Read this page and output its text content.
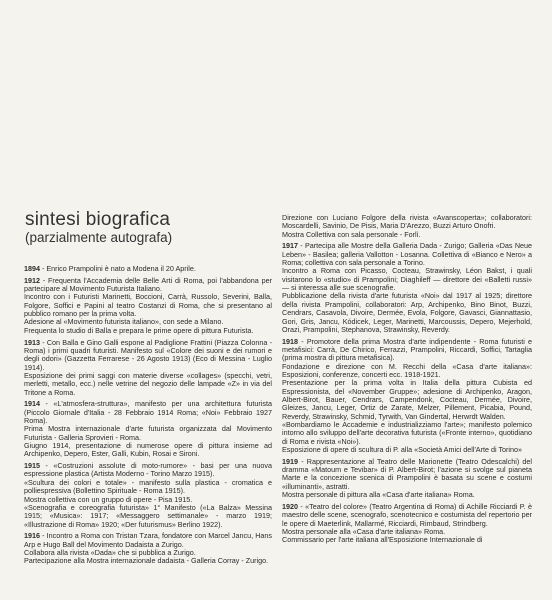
sintesi biografica
(parzialmente autografa)

1894 - Enrico Prampolini è nato a Modena il 20 Aprile.

1912 - Frequenta l'Accademia delle Belle Arti di Roma, poi l'abbandona per partecipare al Movimento Futurista Italiano.

Incontro con i Futuristi Marinetti, Boccioni, Carrà, Russolo, Severini, Balla, Folgore, Soffici e Papini al teatro Costanzi di Roma, che si presentano al pubblico romano per la prima volta.

Adesione al «Movimento futurista italiano», con sede a Milano.

Frequenta lo studio di Balla e prepara le prime opere di pittura Futurista.

1913 - Con Balla e Gino Galli espone al Padiglione Frattini (Piazza Colonna - Roma) i primi quadri futuristi. Manifesto sul «Colore dei suoni e dei rumori e degli odori» (Gazzetta Ferrarese - 26 Agosto 1913) (Eco di Messina - Luglio 1914).

Esposizione dei primi saggi con materie diverse «collages» (specchi, vetri, merletti, metallo, ecc.) nelle vetrine del negozio delle lampade «Z» in via del Tritone a Roma.

1914 - «L'atmosfera-struttura», manifesto per una architettura futurista (Piccolo Giornale d'Italia - 28 Febbraio 1914 Roma; «Noi» Febbraio 1927 Roma).

Prima Mostra internazionale d'arte futurista organizzata dal Movimento Futurista - Galleria Sprovieri - Roma.

Giugno 1914, presentazione di numerose opere di pittura insieme ad Archipenko, Depero, Ester, Galli, Kubin, Rosai e Sironi.

1915 - «Costruzioni assolute di moto-rumore» - basi per una nuova espressione plastica (Artista Moderno - Torino Marzo 1915).

«Scultura dei colori e totale» - manifesto sulla plastica - cromatica e polliespressiva (Bollettino Spirituale - Roma 1915).

Mostra collettiva con un gruppo di opere - Pisa 1915.

«Scenografia e coreografia futurista» 1° Manifesto («La Balza» Messina 1915; «Musica»: 1917; «Messaggero settimanale» - marzo 1919; «Illustrazione di Roma» 1920; «Der futurismus» Berlino 1922).

1916 - Incontro a Roma con Tristan Tzara, fondatore con Marcel Jancu, Hans Arp e Hugo Ball del Movimento Dadaista a Zurigo.

Collabora alla rivista «Dada» che si pubblica a Zurigo.

Partecipazione alla Mostra internazionale dadaista - Galleria Corray - Zurigo.

Direzione con Luciano Folgore della rivista «Avanscoperta»; collaboratori: Moscardelli, Savinio, De Pisis, Maria D'Arezzo, Buzzi Arturo Onofri.

Mostra Collettiva con sala personale - Forlì.

1917 - Partecipa alle Mostre della Galleria Dada - Zurigo; Galleria «Das Neue Leben» - Basilea; galleria Vallotton - Losanna. Collettiva di «Bianco e Nero» a Roma; collettiva con sala personale a Torino.

Incontro a Roma con Picasso, Cocteau, Strawinsky, Léon Bakst, i quali visitarono lo «studio» di Prampolini; Diaghileff — direttore dei «Balletti russi» — si interessa alle sue scenografie.

Pubblicazione della rivista d'arte futurista «Noi» dal 1917 al 1925; direttore della rivista Prampolini, collaboratori: Arp, Archipenko, Bino Binot, Buzzi, Cendrars, Casavola, Divoire, Dermée, Evola, Folgore, Gavasci, Giannattasio, Gori, Gris, Jancu, Kódicek, Leger, Marinetti, Marcoussis, Depero, Mejerhold, Orazi, Prampolini, Stephanova, Strawinsky, Reverdy.

1918 - Promotore della prima Mostra d'arte indipendente - Roma futuristi e metafisici: Carrà, De Chirico, Ferrazzi, Prampolini, Riccardi, Soffici, Tartaglia (prima mostra di pittura metafisica).

Fondazione e direzione con M. Recchi della «Casa d'arte italiana»: Esposizioni, conferenze, concerti ecc. 1918-1921.

Presentazione per la prima volta in Italia della pittura Cubista ed Espressionista, del «November Gruppe»; adesione di Archipenko, Aragon, Albert-Birot, Bauer, Cendrars, Campendonk, Cocteau, Dermée, Divoire, Gleizes, Jancu, Leger, Ortiz de Zarate, Melzer, Pillement, Picabia, Pound, Reverdy, Strawinsky, Schmid, Tyrwith, Van Gindertal, Herwrdt Walden.

«Bombardiamo le Accademie e industrializziamo l'arte»; manifesto polemico intorno allo sviluppo dell'arte decorativa futurista («Fronte interno», quotidiano di Roma e rivista «Noi»).

Esposizione di opere di scultura di P. alla «Società Amici dell'Arte di Torino»

1919 - Rappresentazione al Teatro delle Marionette (Teatro Odescalchi) del dramma «Matoum e Tevibar» di P. Albert-Birot; l'azione si svolge sul pianeta Marte e la concezione scenica di Prampolini è basata su scene e costumi «illuminanti», astratti.

Mostra personale di pittura alla «Casa d'arte italiana» Roma.

1920 - «Teatro del colore» (Teatro Argentina di Roma) di Achille Ricciardi P. è maestro delle scene, scenografo, scenotecnico e costumista del repertorio per le opere di Maeterlink, Mallarmé, Ricciardi, Rimbaud, Strindberg.

Mostra personale alla «Casa d'arte italiana» Roma.

Commissario per l'arte italiana all'Esposizione Internazionale di
